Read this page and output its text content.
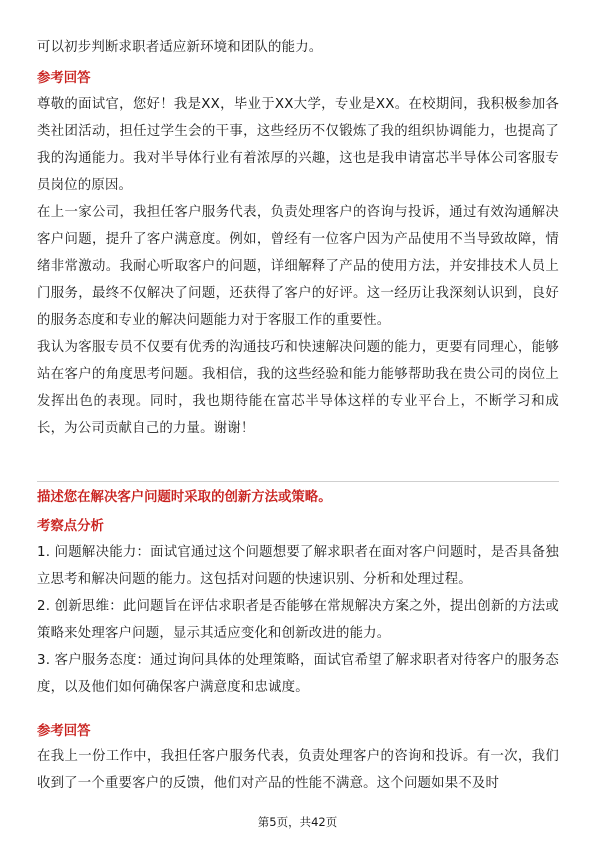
可以初步判断求职者适应新环境和团队的能力。

参考回答

尊敬的面试官，您好！我是XX，毕业于XX大学，专业是XX。在校期间，我积极参加各类社团活动，担任过学生会的干事，这些经历不仅锻炼了我的组织协调能力，也提高了我的沟通能力。我对半导体行业有着浓厚的兴趣，这也是我申请富芯半导体公司客服专员岗位的原因。

在上一家公司，我担任客户服务代表，负责处理客户的咨询与投诉，通过有效沟通解决客户问题，提升了客户满意度。例如，曾经有一位客户因为产品使用不当导致故障，情绪非常激动。我耐心听取客户的问题，详细解释了产品的使用方法，并安排技术人员上门服务，最终不仅解决了问题，还获得了客户的好评。这一经历让我深刻认识到，良好的服务态度和专业的解决问题能力对于客服工作的重要性。

我认为客服专员不仅要有优秀的沟通技巧和快速解决问题的能力，更要有同理心，能够站在客户的角度思考问题。我相信，我的这些经验和能力能够帮助我在贵公司的岗位上发挥出色的表现。同时，我也期待能在富芯半导体这样的专业平台上，不断学习和成长，为公司贡献自己的力量。谢谢！

描述您在解决客户问题时采取的创新方法或策略。

考察点分析

1. 问题解决能力：面试官通过这个问题想要了解求职者在面对客户问题时，是否具备独立思考和解决问题的能力。这包括对问题的快速识别、分析和处理过程。

2. 创新思维：此问题旨在评估求职者是否能够在常规解决方案之外，提出创新的方法或策略来处理客户问题，显示其适应变化和创新改进的能力。

3. 客户服务态度：通过询问具体的处理策略，面试官希望了解求职者对待客户的服务态度，以及他们如何确保客户满意度和忠诚度。

参考回答

在我上一份工作中，我担任客户服务代表，负责处理客户的咨询和投诉。有一次，我们收到了一个重要客户的反馈，他们对产品的性能不满意。这个问题如果不及时

第5页，共42页
